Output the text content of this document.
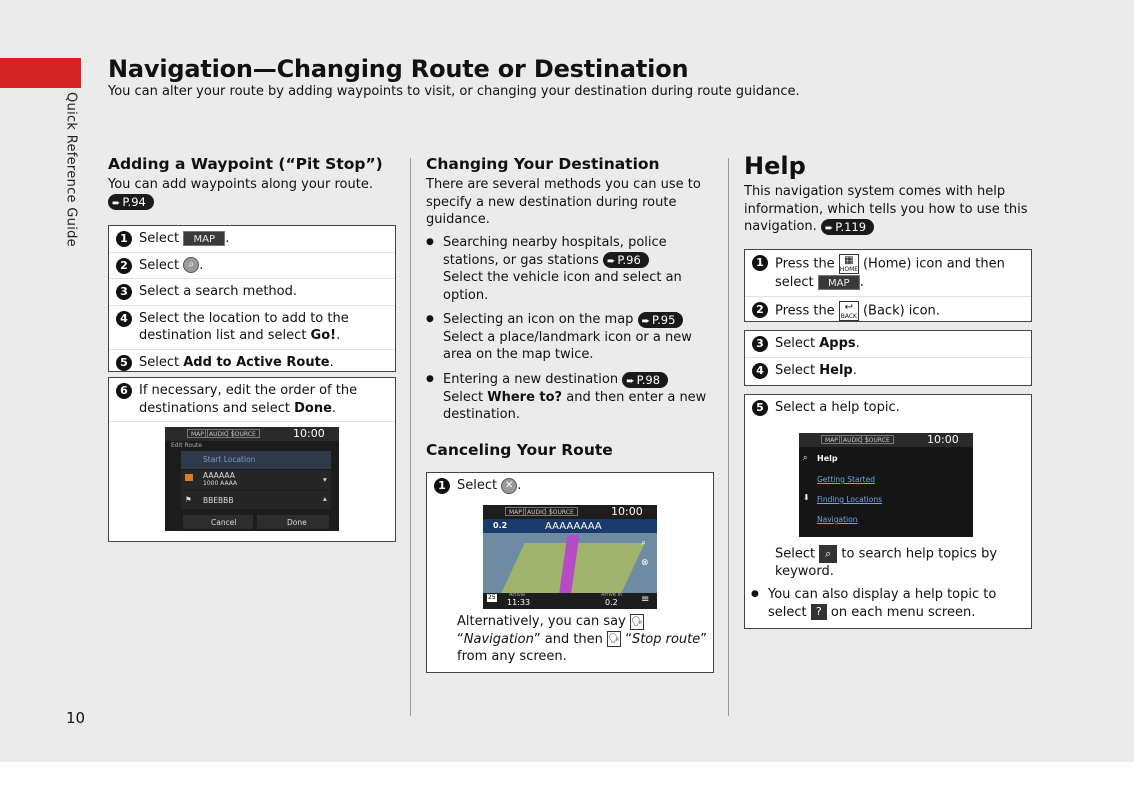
Quick Reference Guide
10
Navigation—Changing Route or Destination
You can alter your route by adding waypoints to visit, or changing your destination during route guidance.
Adding a Waypoint (“Pit Stop”)
You can add waypoints along your route.
➨ P.94
1 Select MAP .
2 Select ⌕ .
3 Select a search method.
4 Select the location to add to the destination list and select Go!.
5 Select Add to Active Route.
6 If necessary, edit the order of the destinations and select Done.
MAP AUDIO SOURCE	10:00
Edit Route
Start Location
AAAAAA
1000 AAAA	▾
⚑ BBEBBB	▴
Cancel	Done
Changing Your Destination
There are several methods you can use to specify a new destination during route guidance.
● Searching nearby hospitals, police stations, or gas stations ➨ P.96
Select the vehicle icon and select an option.
● Selecting an icon on the map ➨ P.95
Select a place/landmark icon or a new area on the map twice.
● Entering a new destination ➨ P.98
Select Where to? and then enter a new destination.
Canceling Your Route
1 Select ✕ .
MAP AUDIO SOURCE	10:00
0.2	AAAAAAAA
25	Arrival
11:33
Arrive In
0.2 ≡
⌕
⊗
Alternatively, you can say 🗣
“Navigation” and then 🗣 “Stop route” from any screen.
Help
This navigation system comes with help information, which tells you how to use this navigation. ➨ P.119
1 Press the ▦
HOME (Home) icon and then select MAP .
2 Press the ↩
BACK (Back) icon.
3 Select Apps.
4 Select Help.
5 Select a help topic.
MAP AUDIO SOURCE	10:00
⌕ Help
Getting Started
⬇ Finding Locations
Navigation
Select ⌕ to search help topics by keyword.
● You can also display a help topic to select ? on each menu screen.
